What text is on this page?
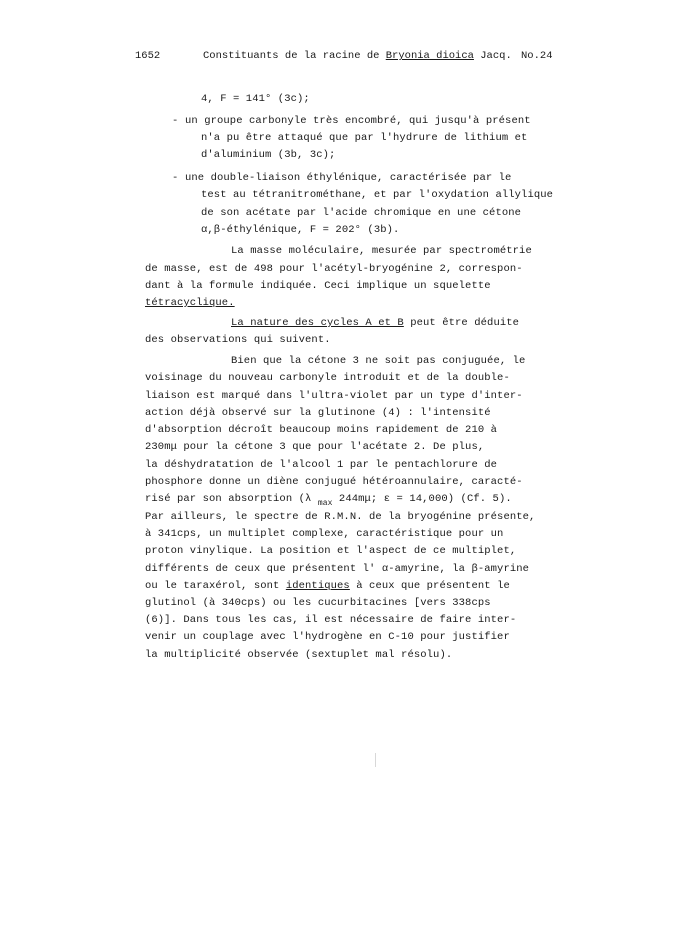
1652	Constituants de la racine de Bryonia dioica Jacq. No.24
4, F = 141° (3c);
- un groupe carbonyle très encombré, qui jusqu'à présent
n'a pu être attaqué que par l'hydrure de lithium et
d'aluminium (3b, 3c);
- une double-liaison éthylénique, caractérisée par le
test au tétranitrométhane, et par l'oxydation allylique
de son acétate par l'acide chromique en une cétone
α,β-éthylénique, F = 202° (3b).
La masse moléculaire, mesurée par spectrométrie
de masse, est de 498 pour l'acétyl-bryogénine 2, correspon-
dant à la formule indiquée. Ceci implique un squelette
tétracyclique.
La nature des cycles A et B peut être déduite
des observations qui suivent.
Bien que la cétone 3 ne soit pas conjuguée, le
voisinage du nouveau carbonyle introduit et de la double-
liaison est marqué dans l'ultra-violet par un type d'inter-
action déjà observé sur la glutinone (4) : l'intensité
d'absorption décroît beaucoup moins rapidement de 210 à
230mμ pour la cétone 3 que pour l'acétate 2. De plus,
la déshydratation de l'alcool 1 par le pentachlorure de
phosphore donne un diène conjugué hétéroannulaire, caracté-
risé par son absorption (λ $_{max}$ 244mμ; ε = 14,000) (Cf. 5).
Par ailleurs, le spectre de R.M.N. de la bryogénine présente,
à 341cps, un multiplet complexe, caractéristique pour un
proton vinylique. La position et l'aspect de ce multiplet,
différents de ceux que présentent l' α-amyrine, la β-amyrine
ou le taraxérol, sont identiques à ceux que présentent le
glutinol (à 340cps) ou les cucurbitacines [vers 338cps
(6)]. Dans tous les cas, il est nécessaire de faire inter-
venir un couplage avec l'hydrogène en C-10 pour justifier
la multiplicité observée (sextuplet mal résolu).
